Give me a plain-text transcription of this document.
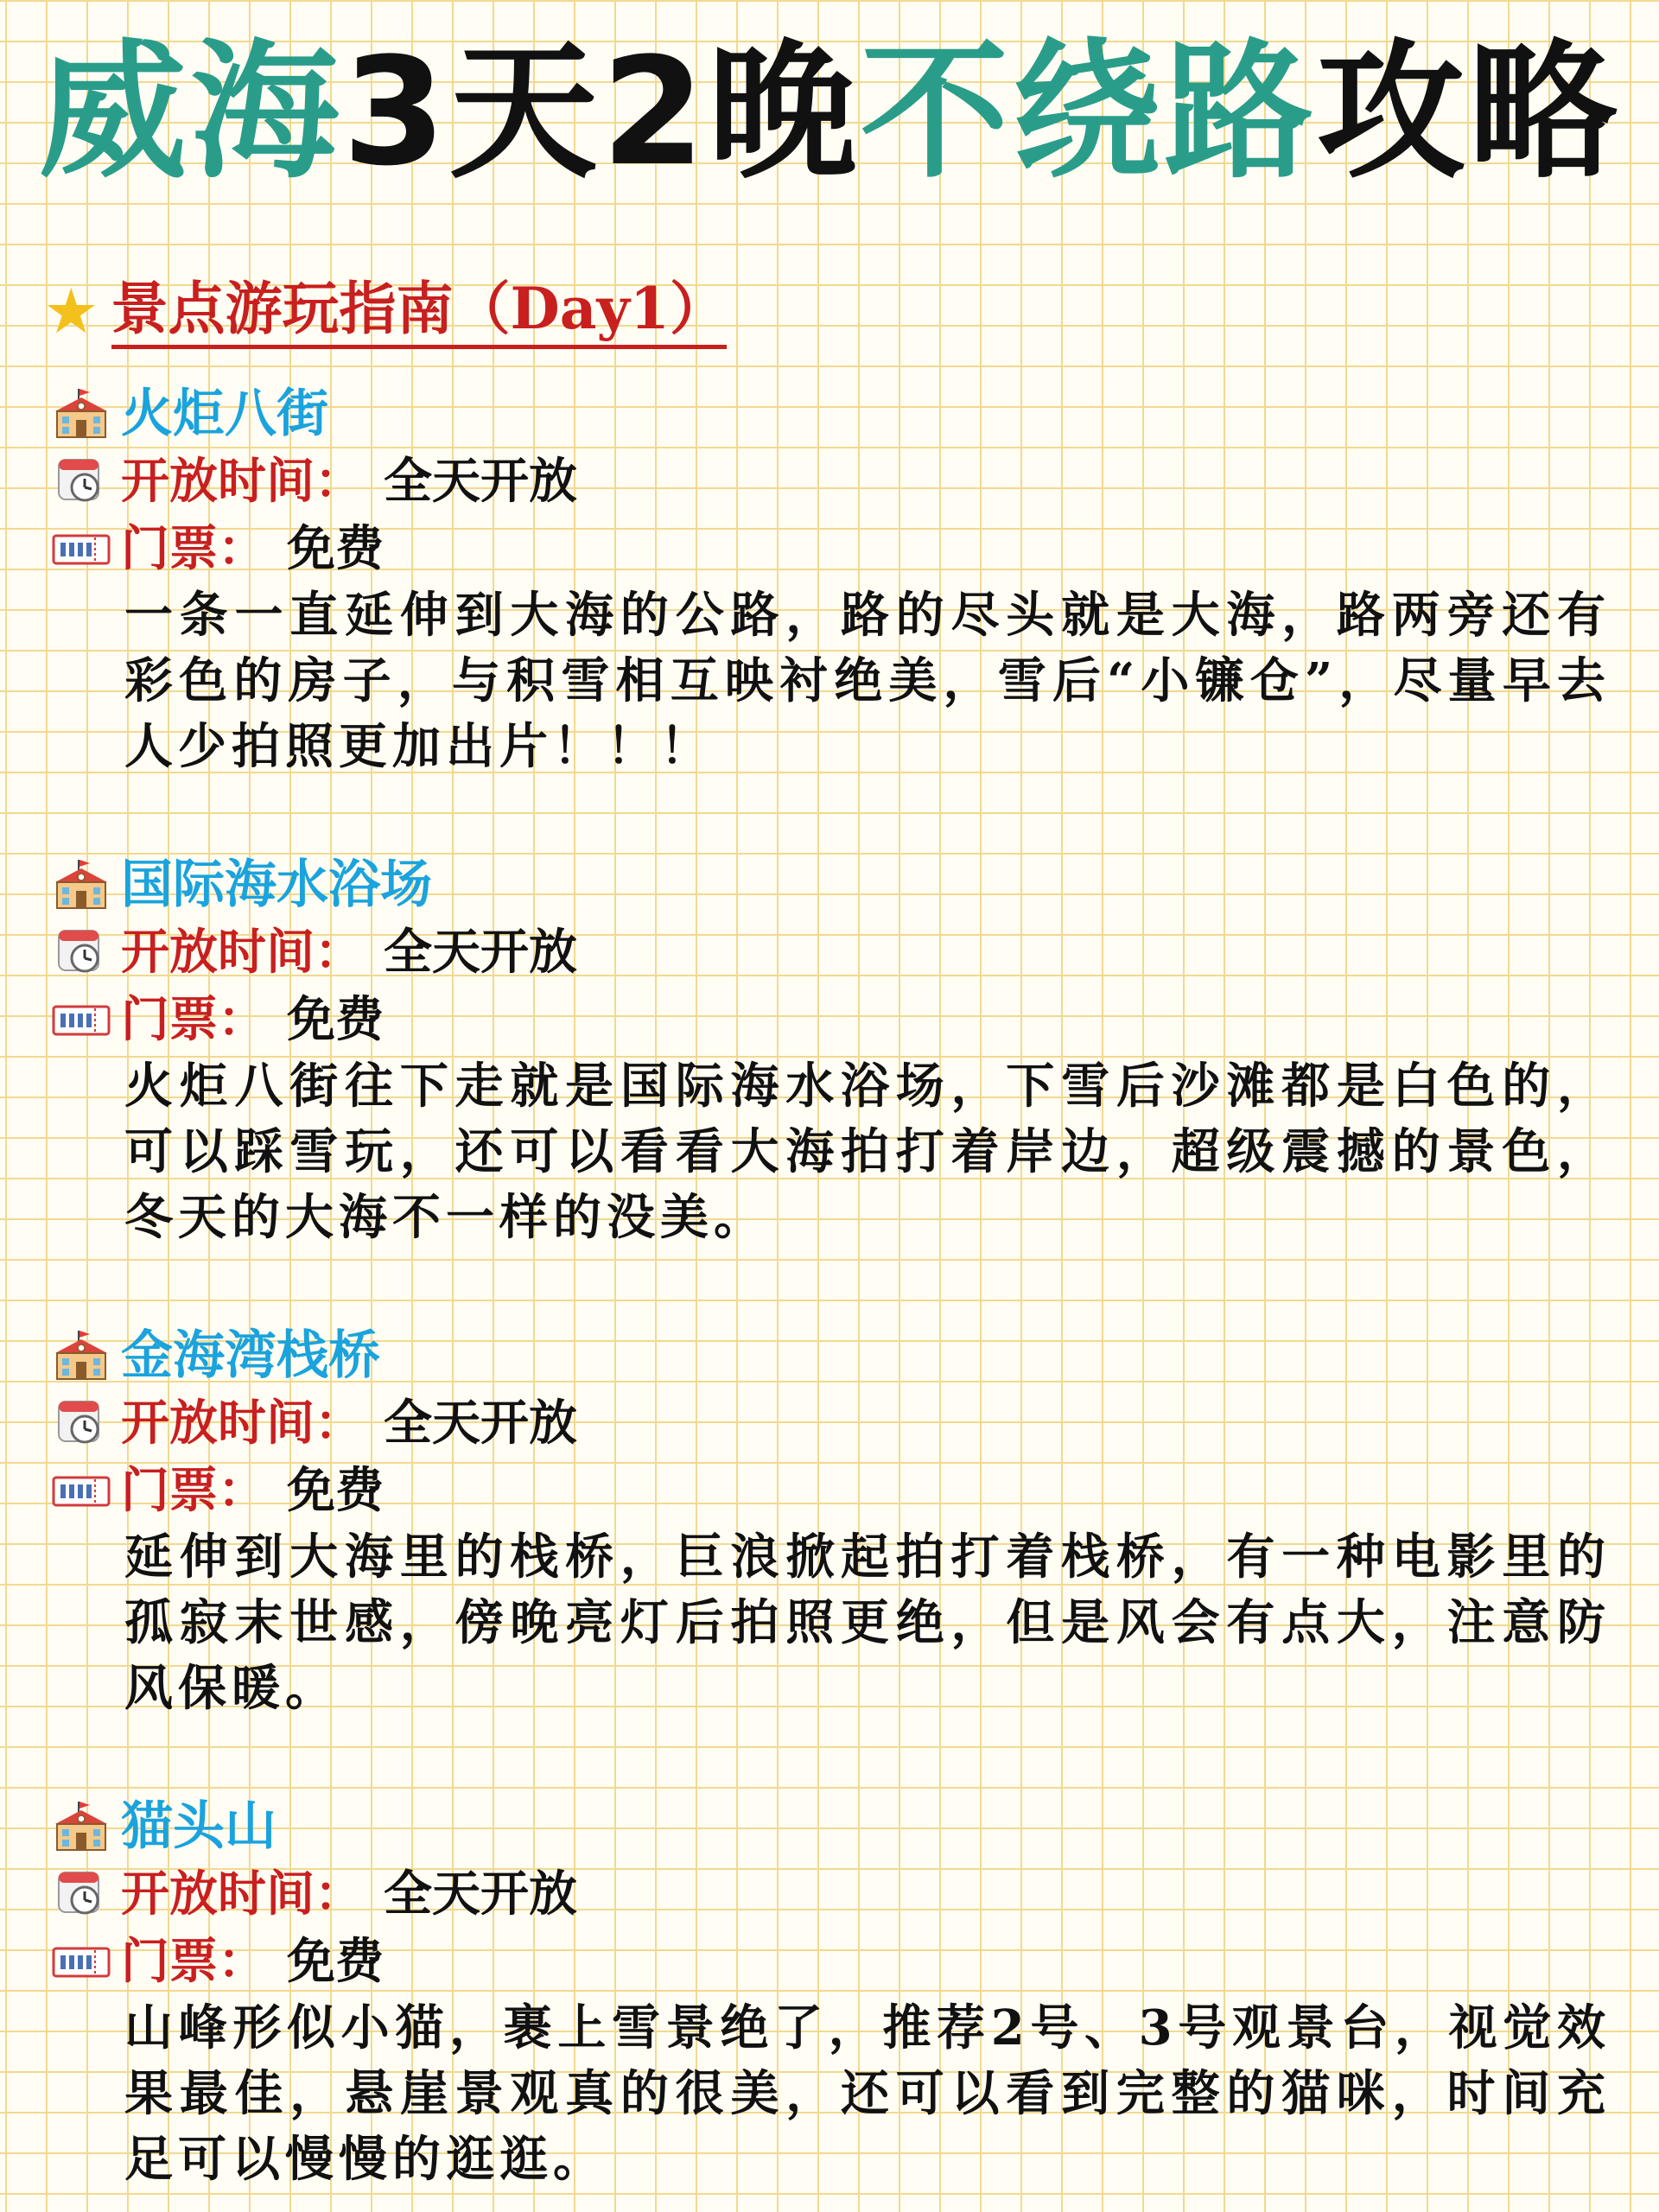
威海3天2晚不绕路攻略
★ 景点游玩指南（Day1）
火炬八街
开放时间： 全天开放
门票： 免费
一条一直延伸到大海的公路，路的尽头就是大海，路两旁还有彩色的房子，与积雪相互映衬绝美，雪后“小镰仓”，尽量早去人少拍照更加出片！！！
国际海水浴场
开放时间： 全天开放
门票： 免费
火炬八街往下走就是国际海水浴场，下雪后沙滩都是白色的，可以踩雪玩，还可以看看大海拍打着岸边，超级震撼的景色，冬天的大海不一样的没美。
金海湾栈桥
开放时间： 全天开放
门票： 免费
延伸到大海里的栈桥，巨浪掀起拍打着栈桥，有一种电影里的孤寂末世感，傍晚亮灯后拍照更绝，但是风会有点大，注意防风保暖。
猫头山
开放时间： 全天开放
门票： 免费
山峰形似小猫，裹上雪景绝了，推荐2号、3号观景台，视觉效果最佳，悬崖景观真的很美，还可以看到完整的猫咪，时间充足可以慢慢的逛逛。
